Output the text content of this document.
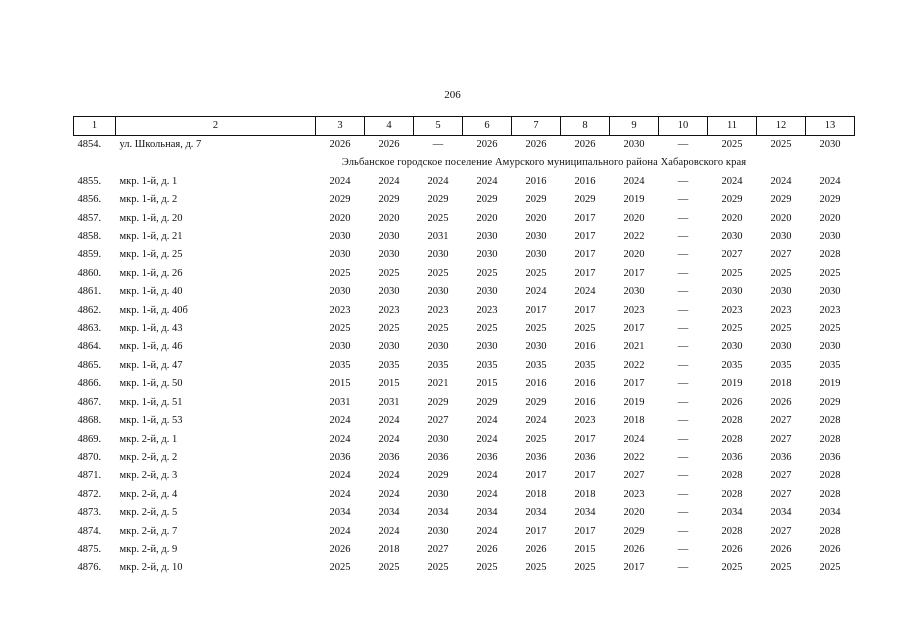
206
1	2	3	4	5	6	7	8	9	10	11	12	13
4854.	ул. Школьная, д. 7	2026	2026	—	2026	2026	2026	2030	—	2025	2025	2030
Эльбанское городское поселение Амурского муниципального района Хабаровского края												
4855.	мкр. 1-й, д. 1	2024	2024	2024	2024	2016	2016	2024	—	2024	2024	2024
4856.	мкр. 1-й, д. 2	2029	2029	2029	2029	2029	2029	2019	—	2029	2029	2029
4857.	мкр. 1-й, д. 20	2020	2020	2025	2020	2020	2017	2020	—	2020	2020	2020
4858.	мкр. 1-й, д. 21	2030	2030	2031	2030	2030	2017	2022	—	2030	2030	2030
4859.	мкр. 1-й, д. 25	2030	2030	2030	2030	2030	2017	2020	—	2027	2027	2028
4860.	мкр. 1-й, д. 26	2025	2025	2025	2025	2025	2017	2017	—	2025	2025	2025
4861.	мкр. 1-й, д. 40	2030	2030	2030	2030	2024	2024	2030	—	2030	2030	2030
4862.	мкр. 1-й, д. 40б	2023	2023	2023	2023	2017	2017	2023	—	2023	2023	2023
4863.	мкр. 1-й, д. 43	2025	2025	2025	2025	2025	2025	2017	—	2025	2025	2025
4864.	мкр. 1-й, д. 46	2030	2030	2030	2030	2030	2016	2021	—	2030	2030	2030
4865.	мкр. 1-й, д. 47	2035	2035	2035	2035	2035	2035	2022	—	2035	2035	2035
4866.	мкр. 1-й, д. 50	2015	2015	2021	2015	2016	2016	2017	—	2019	2018	2019
4867.	мкр. 1-й, д. 51	2031	2031	2029	2029	2029	2016	2019	—	2026	2026	2029
4868.	мкр. 1-й, д. 53	2024	2024	2027	2024	2024	2023	2018	—	2028	2027	2028
4869.	мкр. 2-й, д. 1	2024	2024	2030	2024	2025	2017	2024	—	2028	2027	2028
4870.	мкр. 2-й, д. 2	2036	2036	2036	2036	2036	2036	2022	—	2036	2036	2036
4871.	мкр. 2-й, д. 3	2024	2024	2029	2024	2017	2017	2027	—	2028	2027	2028
4872.	мкр. 2-й, д. 4	2024	2024	2030	2024	2018	2018	2023	—	2028	2027	2028
4873.	мкр. 2-й, д. 5	2034	2034	2034	2034	2034	2034	2020	—	2034	2034	2034
4874.	мкр. 2-й, д. 7	2024	2024	2030	2024	2017	2017	2029	—	2028	2027	2028
4875.	мкр. 2-й, д. 9	2026	2018	2027	2026	2026	2015	2026	—	2026	2026	2026
4876.	мкр. 2-й, д. 10	2025	2025	2025	2025	2025	2025	2017	—	2025	2025	2025
